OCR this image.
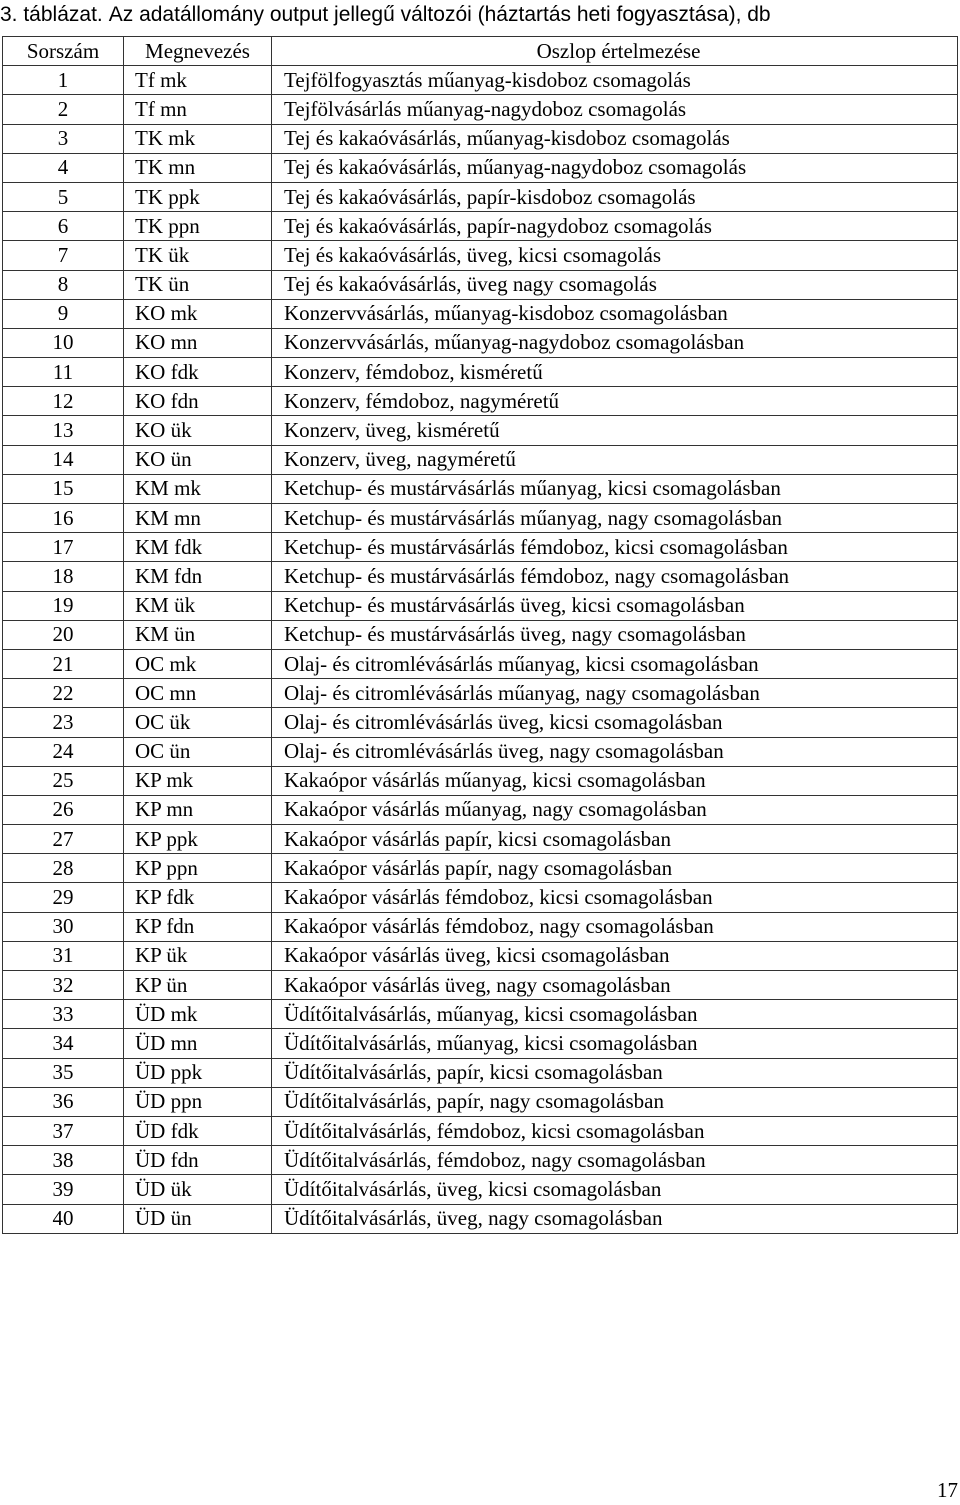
3. táblázat. Az adatállomány output jellegű változói (háztartás heti fogyasztása), db
Sorszám	Megnevezés	Oszlop értelmezése
1	Tf mk	Tejfölfogyasztás műanyag-kisdoboz csomagolás
2	Tf mn	Tejfölvásárlás műanyag-nagydoboz csomagolás
3	TK mk	Tej és kakaóvásárlás, műanyag-kisdoboz csomagolás
4	TK mn	Tej és kakaóvásárlás, műanyag-nagydoboz csomagolás
5	TK ppk	Tej és kakaóvásárlás, papír-kisdoboz csomagolás
6	TK ppn	Tej és kakaóvásárlás, papír-nagydoboz csomagolás
7	TK ük	Tej és kakaóvásárlás, üveg, kicsi csomagolás
8	TK ün	Tej és kakaóvásárlás, üveg nagy csomagolás
9	KO mk	Konzervvásárlás, műanyag-kisdoboz csomagolásban
10	KO mn	Konzervvásárlás, műanyag-nagydoboz csomagolásban
11	KO fdk	Konzerv, fémdoboz, kisméretű
12	KO fdn	Konzerv, fémdoboz, nagyméretű
13	KO ük	Konzerv, üveg, kisméretű
14	KO ün	Konzerv, üveg, nagyméretű
15	KM mk	Ketchup- és mustárvásárlás műanyag, kicsi csomagolásban
16	KM mn	Ketchup- és mustárvásárlás műanyag, nagy csomagolásban
17	KM fdk	Ketchup- és mustárvásárlás fémdoboz, kicsi csomagolásban
18	KM fdn	Ketchup- és mustárvásárlás fémdoboz, nagy csomagolásban
19	KM ük	Ketchup- és mustárvásárlás üveg, kicsi csomagolásban
20	KM ün	Ketchup- és mustárvásárlás üveg, nagy csomagolásban
21	OC mk	Olaj- és citromlévásárlás műanyag, kicsi csomagolásban
22	OC mn	Olaj- és citromlévásárlás műanyag, nagy csomagolásban
23	OC ük	Olaj- és citromlévásárlás üveg, kicsi csomagolásban
24	OC ün	Olaj- és citromlévásárlás üveg, nagy csomagolásban
25	KP mk	Kakaópor vásárlás műanyag, kicsi csomagolásban
26	KP mn	Kakaópor vásárlás műanyag, nagy csomagolásban
27	KP ppk	Kakaópor vásárlás papír, kicsi csomagolásban
28	KP ppn	Kakaópor vásárlás papír, nagy csomagolásban
29	KP fdk	Kakaópor vásárlás fémdoboz, kicsi csomagolásban
30	KP fdn	Kakaópor vásárlás fémdoboz, nagy csomagolásban
31	KP ük	Kakaópor vásárlás üveg, kicsi csomagolásban
32	KP ün	Kakaópor vásárlás üveg, nagy csomagolásban
33	ÜD mk	Üdítőitalvásárlás, műanyag, kicsi csomagolásban
34	ÜD mn	Üdítőitalvásárlás, műanyag, kicsi csomagolásban
35	ÜD ppk	Üdítőitalvásárlás, papír, kicsi csomagolásban
36	ÜD ppn	Üdítőitalvásárlás, papír, nagy csomagolásban
37	ÜD fdk	Üdítőitalvásárlás, fémdoboz, kicsi csomagolásban
38	ÜD fdn	Üdítőitalvásárlás, fémdoboz, nagy csomagolásban
39	ÜD ük	Üdítőitalvásárlás, üveg, kicsi csomagolásban
40	ÜD ün	Üdítőitalvásárlás, üveg, nagy csomagolásban
17
